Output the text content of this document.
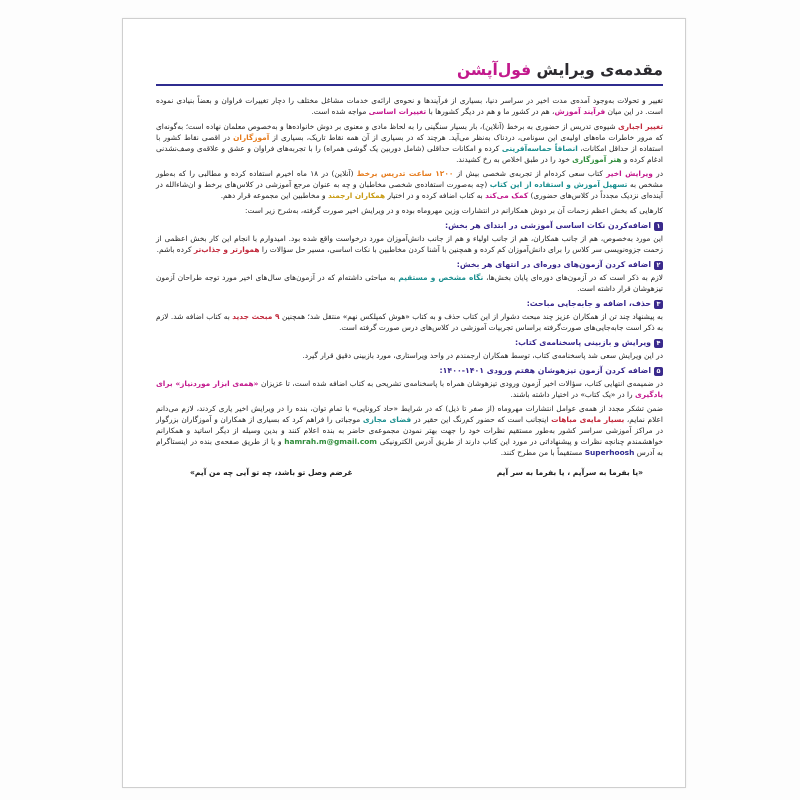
مقدمه‌ی ویرایش فول‌آپشن

تغییر و تحولات به‌وجود آمده‌ی مدت اخیر در سراسر دنیا، بسیاری از فرآیندها و نحوه‌ی ارائه‌ی خدمات مشاغل مختلف را دچار تغییرات فراوان و بعضاً بنیادی نموده است. در این میان فرآیند آموزش، هم در کشور ما و هم در دیگر کشورها با تغییرات اساسی مواجه شده است.

تغییر اجباری شیوه‌ی تدریس از حضوری به برخط (آنلاین)، بار بسیار سنگینی را به لحاظ مادی و معنوی بر دوش خانواده‌ها و به‌خصوص معلمان نهاده است؛ به‌گونه‌ای که مرور خاطرات ماه‌های اولیه‌ی این سونامی، دردناک به‌نظر می‌آید. هرچند که در بسیاری از آن همه نقاط تاریک، بسیاری از آموزگاران در اقصی نقاط کشور با استفاده از حداقل امکانات، انصافاً حماسه‌آفرینی کرده و امکانات حداقلی (شامل دوربین یک گوشی همراه) را با تجربه‌های فراوان و عشق و علاقه‌ی وصف‌نشدنی ادغام کرده و هنر آموزگاری خود را در طبق اخلاص به رخ کشیدند.

در ویرایش اخیر کتاب سعی کرده‌ام از تجربه‌ی شخصی بیش از ۱۲۰۰ ساعت تدریس برخط (آنلاین) در ۱۸ ماه اخیرم استفاده کرده و مطالبی را که به‌طور مشخص به تسهیل آموزش و استفاده از این کتاب (چه به‌صورت استفاده‌ی شخصی مخاطبان و چه به عنوان مرجع آموزشی در کلاس‌های برخط و ان‌شاءالله در آینده‌ای نزدیک مجدداً در کلاس‌های حضوری) کمک می‌کند به کتاب اضافه کرده و در اختیار همکاران ارجمند و مخاطبین این مجموعه قرار دهم.

کارهایی که بخش اعظم زحمات آن بر دوش همکارانم در انتشارات وزین مهروماه بوده و در ویرایش اخیر صورت گرفته، به‌شرح زیر است:

۱اضافه‌کردن نکات اساسی آموزشی در ابتدای هر بخش:

این مورد به‌خصوص، هم از جانب همکاران، هم از جانب اولیاء و هم از جانب دانش‌آموزان مورد درخواست واقع شده بود. امیدوارم با انجام این کار بخش اعظمی از زحمت جزوه‌نویسی سر کلاس را برای دانش‌آموزان کم کرده و همچنین با آشنا کردن مخاطبین با نکات اساسی، مسیر حل سؤالات را هموارتر و جذاب‌تر کرده باشم.

۲اضافه کردن آزمون‌های دوره‌ای در انتهای هر بخش:

لازم به ذکر است که در آزمون‌های دوره‌ای پایان بخش‌ها، نگاه مشخص و مستقیم به مباحثی داشته‌ام که در آزمون‌های سال‌های اخیر مورد توجه طراحان آزمون تیزهوشان قرار داشته است.

۳حذف، اضافه و جابه‌جایی مباحث:

به پیشنهاد چند تن از همکاران عزیز چند مبحث دشوار از این کتاب حذف و به کتاب «هوش کمپلکس نهم» منتقل شد؛ همچنین ۹ مبحث جدید به کتاب اضافه شد. لازم به ذکر است جابه‌جایی‌های صورت‌گرفته براساس تجربیات آموزشی در کلاس‌های درس صورت گرفته است.

۴ویرایش و بازبینی پاسخنامه‌ی کتاب:

در این ویرایش سعی شد پاسخنامه‌ی کتاب، توسط همکاران ارجمندم در واحد ویراستاری، مورد بازبینی دقیق قرار گیرد.

۵اضافه کردن آزمون تیزهوشان هفتم ورودی ۱۴۰۱-۱۴۰۰:

در ضمیمه‌ی انتهایی کتاب، سؤالات اخیر آزمون ورودی تیزهوشان همراه با پاسخنامه‌ی تشریحی به کتاب اضافه شده است، تا عزیزان «همه‌ی ابزار موردنیاز» برای یادگیری را در «یک کتاب» در اختیار داشته باشند.

ضمن تشکر مجدد از همه‌ی عوامل انتشارات مهروماه (از صفر تا ذیل) که در شرایط «حاد کرونایی» با تمام توان، بنده را در ویرایش اخیر یاری کردند، لازم می‌دانم اعلام نمایم، بسیار مایه‌ی مباهات اینجانب است که حضور کم‌رنگ این حقیر در فضای مجازی موجباتی را فراهم کرد که بسیاری از همکاران و آموزگاران بزرگوار در مراکز آموزشی سراسر کشور به‌طور مستقیم نظرات خود را جهت بهتر نمودن مجموعه‌ی حاضر به بنده اعلام کنند و بدین وسیله از دیگر اساتید و همکارانم خواهشمندم چنانچه نظرات و پیشنهاداتی در مورد این کتاب دارند از طریق آدرس الکترونیکی hamrah.m@gmail.com و یا از طریق صفحه‌ی بنده در اینستاگرام به آدرس Superhoosh مستقیماً با من مطرح کنند.

«یا بفرما به سرآیم ، یا بفرما به سر آیم
غرضم وصل تو باشد، چه تو آیی چه من آیم»
